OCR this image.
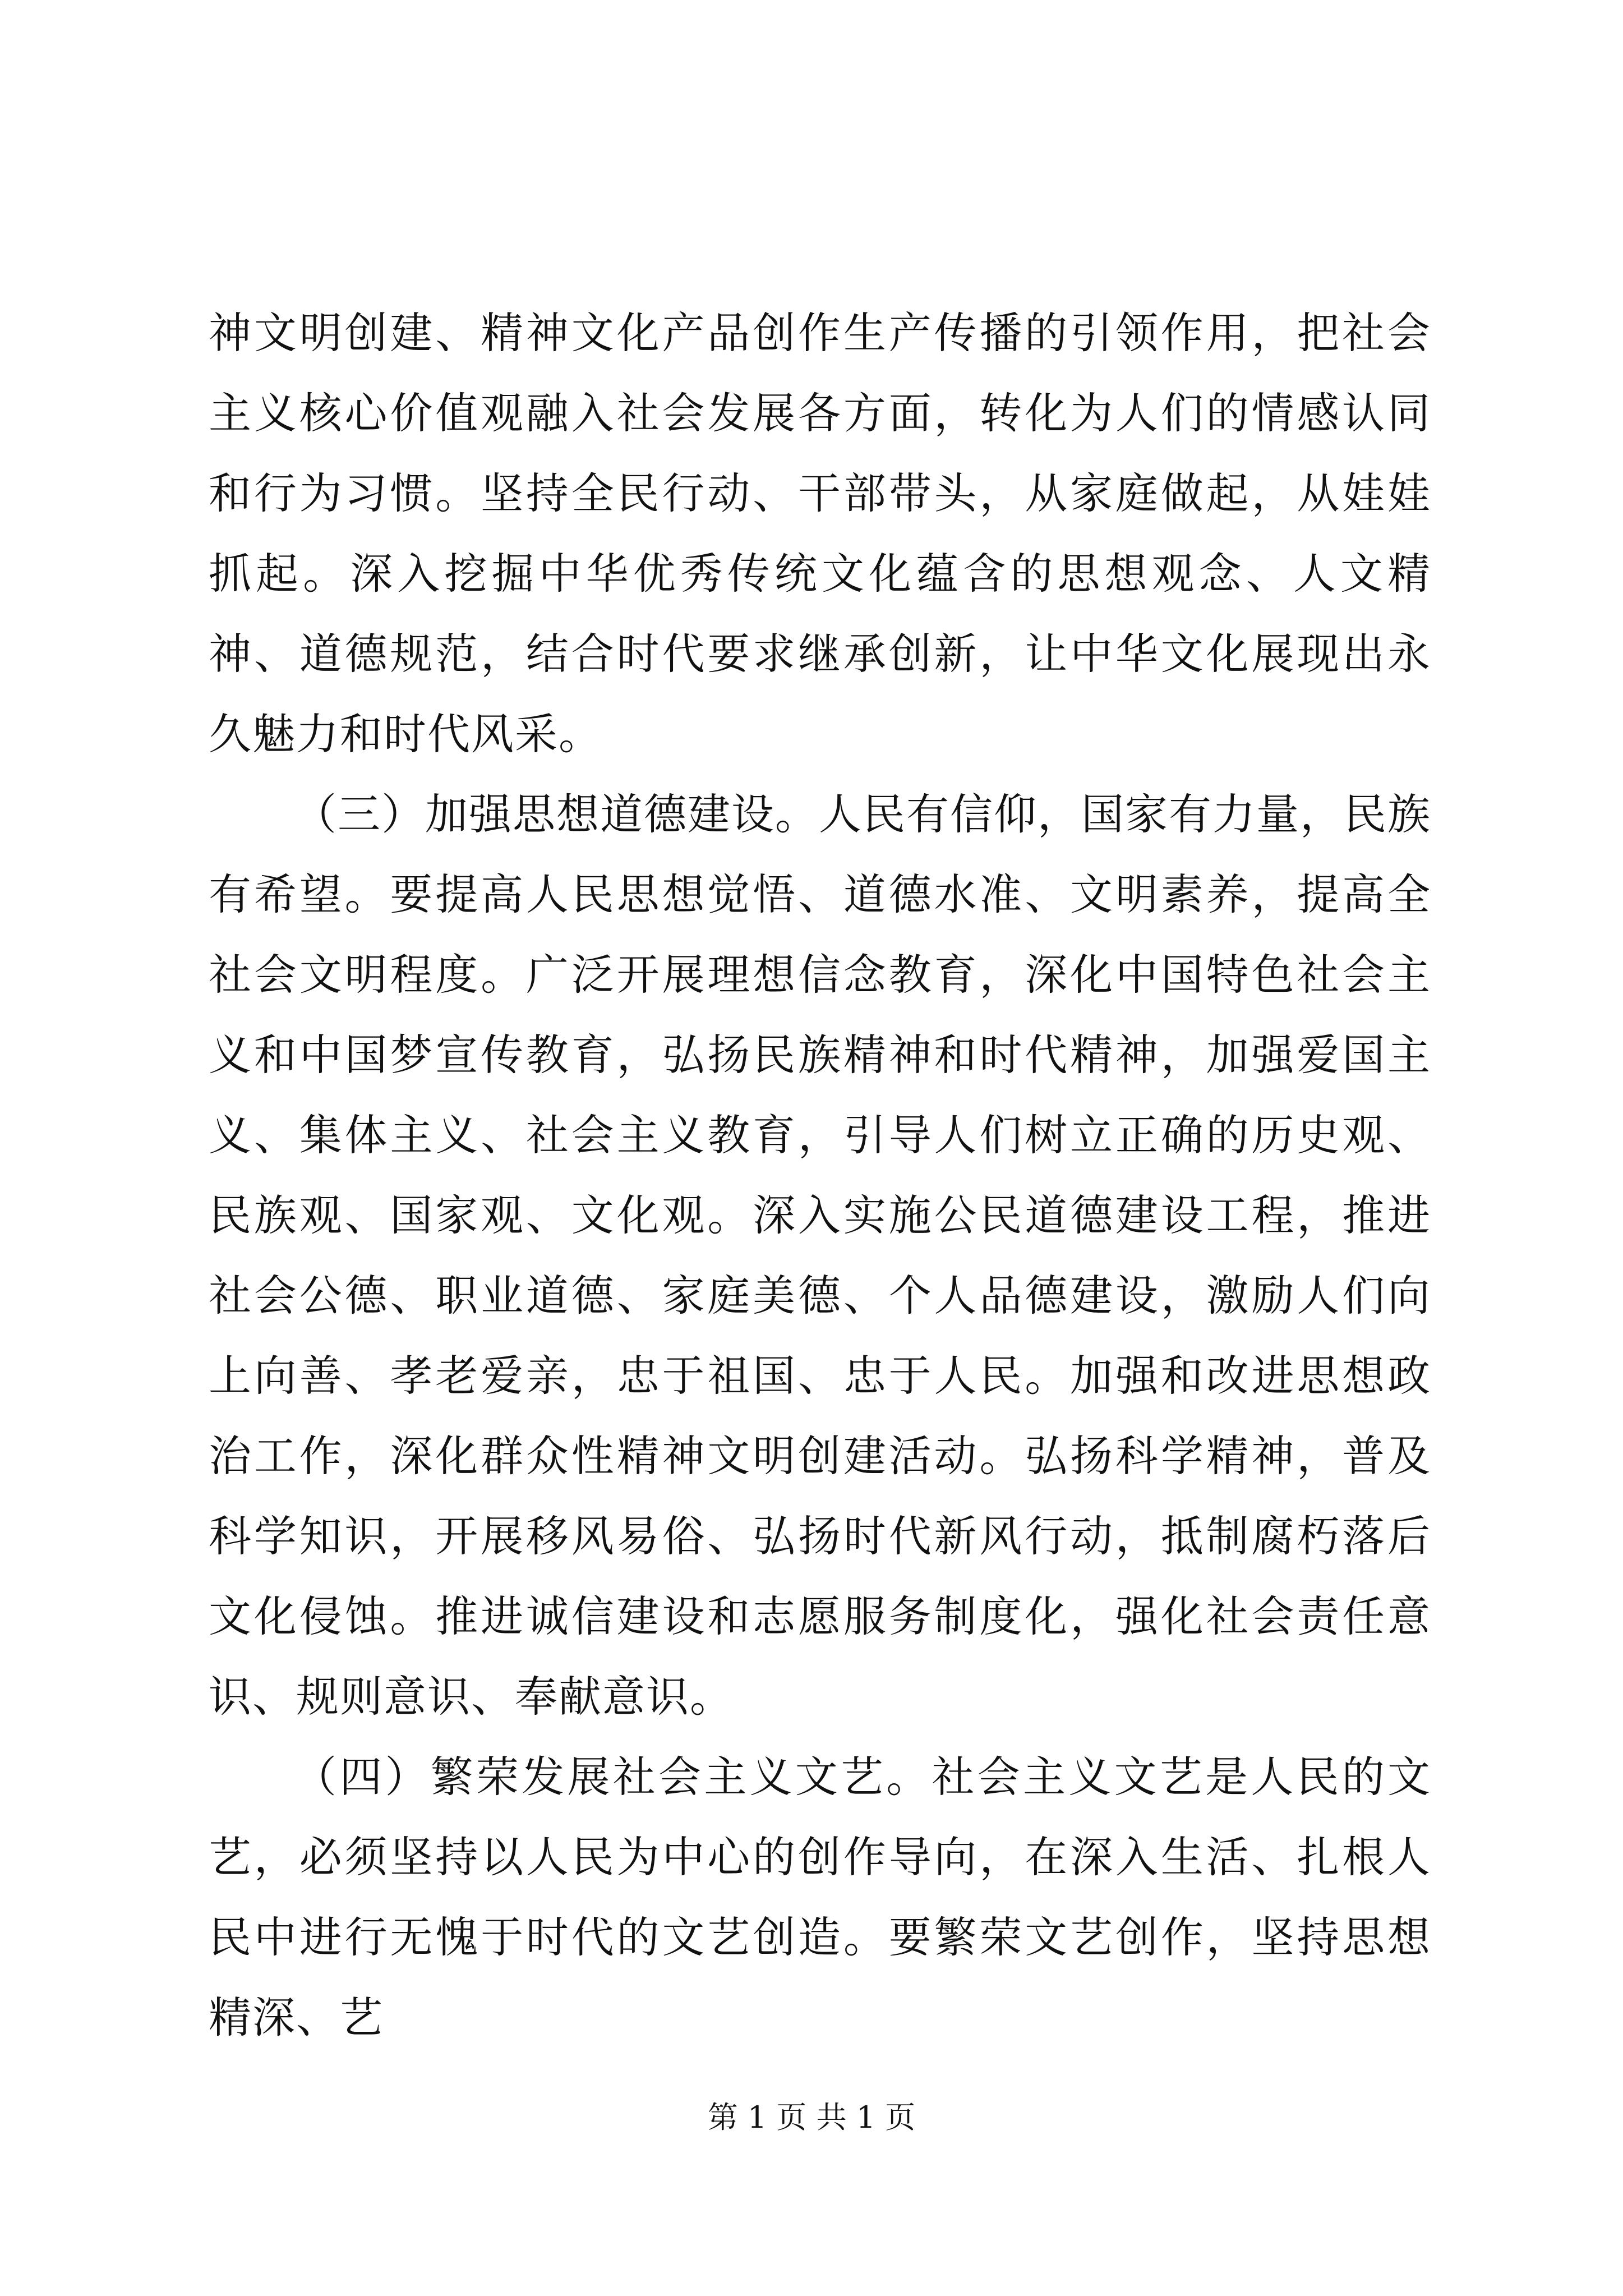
神文明创建、精神文化产品创作生产传播的引领作用，把社会主义核心价值观融入社会发展各方面，转化为人们的情感认同和行为习惯。坚持全民行动、干部带头，从家庭做起，从娃娃抓起。深入挖掘中华优秀传统文化蕴含的思想观念、人文精神、道德规范，结合时代要求继承创新，让中华文化展现出永久魅力和时代风采。

（三）加强思想道德建设。人民有信仰，国家有力量，民族有希望。要提高人民思想觉悟、道德水准、文明素养，提高全社会文明程度。广泛开展理想信念教育，深化中国特色社会主义和中国梦宣传教育，弘扬民族精神和时代精神，加强爱国主义、集体主义、社会主义教育，引导人们树立正确的历史观、民族观、国家观、文化观。深入实施公民道德建设工程，推进社会公德、职业道德、家庭美德、个人品德建设，激励人们向上向善、孝老爱亲，忠于祖国、忠于人民。加强和改进思想政治工作，深化群众性精神文明创建活动。弘扬科学精神，普及科学知识，开展移风易俗、弘扬时代新风行动，抵制腐朽落后文化侵蚀。推进诚信建设和志愿服务制度化，强化社会责任意识、规则意识、奉献意识。

（四）繁荣发展社会主义文艺。社会主义文艺是人民的文艺，必须坚持以人民为中心的创作导向，在深入生活、扎根人民中进行无愧于时代的文艺创造。要繁荣文艺创作，坚持思想精深、艺

第 1 页 共 1 页
